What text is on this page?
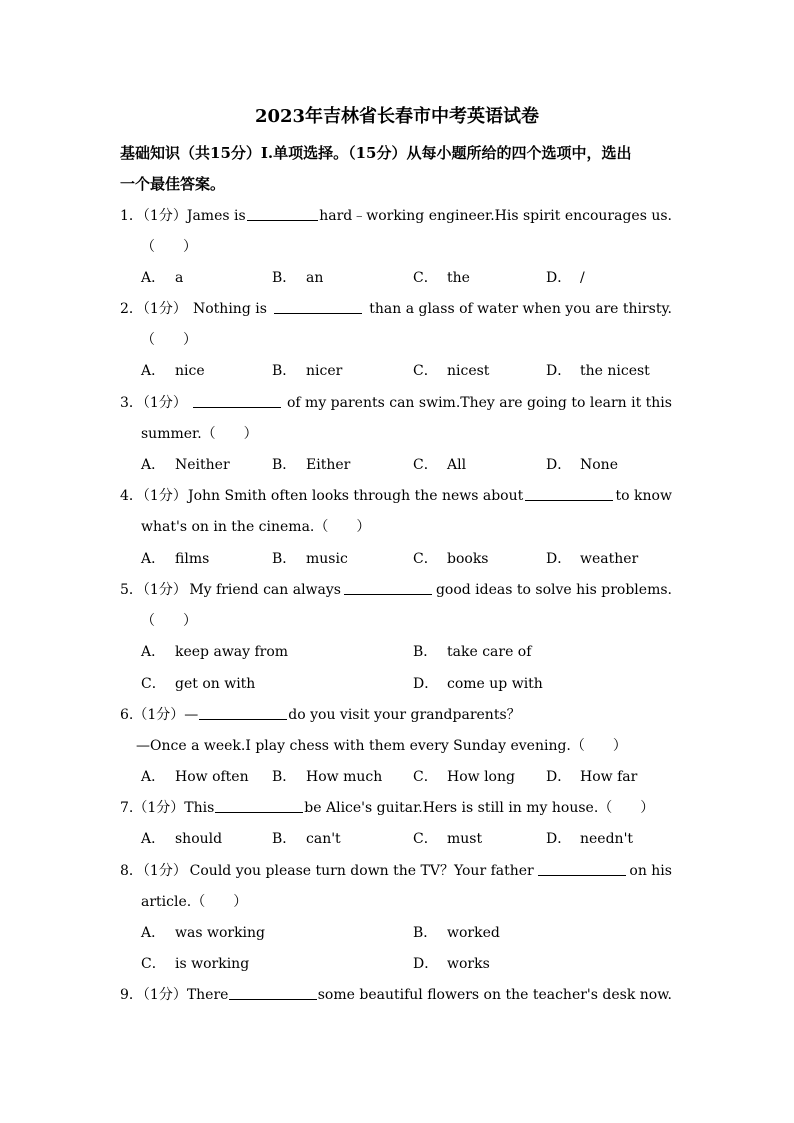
2023年吉林省长春市中考英语试卷
基础知识（共15分）Ⅰ.单项选择。（15分）从每小题所给的四个选项中，选出
一个最佳答案。
1．（1分） James is	hard﹣working engineer.His spirit encourages us.
（　　）
A． a	B． an	C． the	D． /
2．（1分） Nothing is	than a glass of water when you are thirsty.
（　　）
A． nice	B． nicer	C． nicest	D． the nicest
3．（1分）	of my parents can swim.They are going to learn it this
summer.（　　）
A． Neither	B． Either	C． All	D． None
4．（1分） John Smith often looks through the news about	to know
what's on in the cinema.（　　）
A． films	B． music	C． books	D． weather
5．（1分） My friend can always	good ideas to solve his problems.
（　　）
A． keep away from	B． take care of
C． get on with	D． come up with
6.（1分）—	do you visit your grandparents？
—Once a week.I play chess with them every Sunday evening.（　　）
A． How often B． How much C． How long D． How far
7.（1分） This	be Alice's guitar.Hers is still in my house. （　　）
A． should	B． can't	C． must	D． needn't
8．（1分） Could you please turn down the TV？Your father	on his
article.（　　）
A． was working	B． worked
C． is working	D． works
9．（1分） There	some beautiful flowers on the teacher's desk now.
